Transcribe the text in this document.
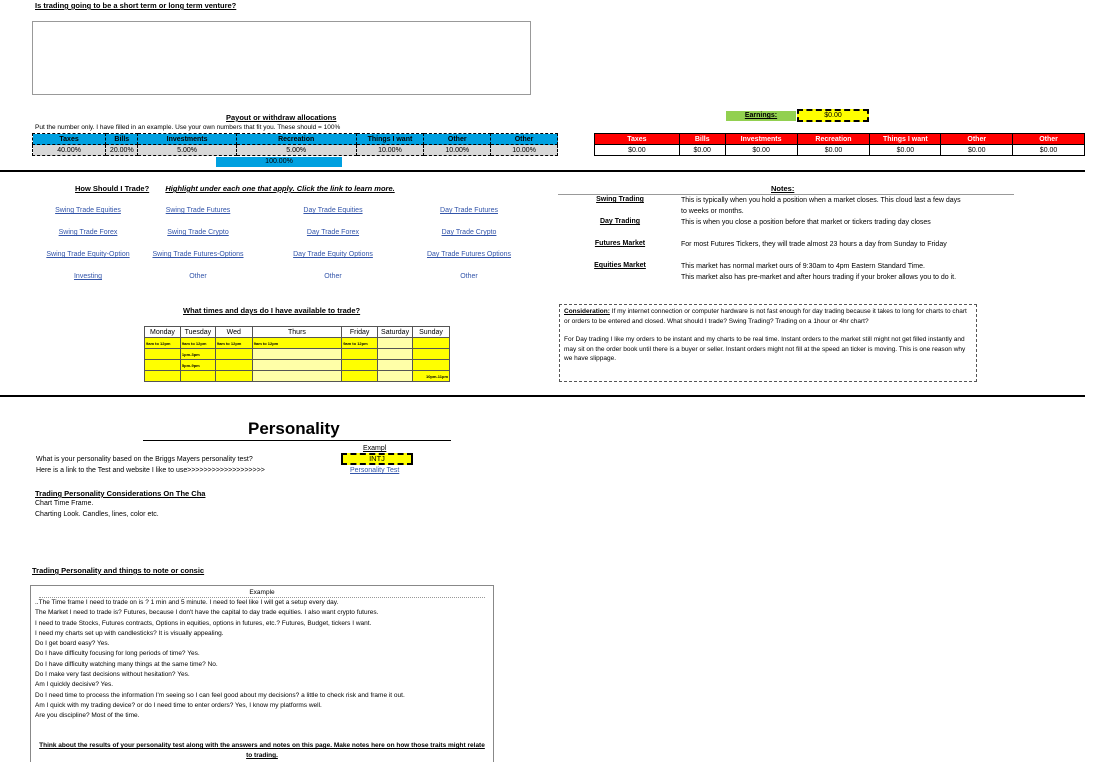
Is trading going to be a short term or long term venture?
Payout or withdraw allocations
Put the number only. I have filled in an example. Use your own numbers that fit you. These should = 100%
Taxes	Bills	Investments	Recreation	Things I want	Other	Other
40.00%	20.00%	5.00%	5.00%	10.00%	10.00%	10.00%
100.00%
Earnings:	$0.00
Taxes	Bills	Investments	Recreation	Things I want	Other	Other
$0.00	$0.00	$0.00	$0.00	$0.00	$0.00	$0.00
How Should I Trade? Highlight under each one that apply. Click the link to learn more.
Swing Trade Equities	Swing Trade Futures	Day Trade Equities	Day Trade Futures
Swing Trade Forex	Swing Trade Crypto	Day Trade Forex	Day Trade Crypto
Swing Trade Equity-Option	Swing Trade Futures-Options	Day Trade Equity Options	Day Trade Futures Options
Investing	Other	Other	Other
Notes:
Swing Trading	This is typically when you hold a position when a market closes. This cloud last a few days
to weeks or months.
Day Trading	This is when you close a position before that market or tickers trading day closes
Futures Market	For most Futures Tickers, they will trade almost 23 hours a day from Sunday to Friday
Equities Market	This market has normal market ours of 9:30am to 4pm Eastern Standard Time.
This market also has pre-market and after hours trading if your broker allows you to do it.
What times and days do I have available to trade?
Monday	Tuesday	Wed	Thurs	Friday	Saturday	Sunday
9am to 12pm	9am to 12pm	9am to 12pm	9am to 12pm	9am to 12pm		
	1pm-3pm					
	5pm-9pm					
						10pm-11pm
Consideration: If my internet connection or computer hardware is not fast enough for day trading because it takes to long for charts to chart or orders to be entered and closed. What should I trade? Swing Trading? Trading on a 1hour or 4hr chart?
For Day trading I like my orders to be instant and my charts to be real time. Instant orders to the market still might not get filled instantly and may sit on the order book until there is a buyer or seller. Instant orders might not fill at the speed an ticker is moving. This is one reason why we have slippage.
Personality
What is your personality based on the Briggs Mayers personality test?
Here is a link to the Test and website I like to use>>>>>>>>>>>>>>>>>>>
Exampl
INTJ
Personality Test
Trading Personality Considerations On The Cha
Chart Time Frame.
Charting Look. Candles, lines, color etc.
Trading Personality and things to note or consic
Example
..The Time frame I need to trade on is ? 1 min and 5 minute. I need to feel like I will get a setup every day.
The Market I need to trade is? Futures, because I don't have the capital to day trade equities. I also want crypto futures.
I need to trade Stocks, Futures contracts, Options in equities, options in futures, etc.? Futures, Budget, tickers I want.
I need my charts set up with candlesticks? It is visually appealing.
Do I get board easy? Yes.
Do I have difficulty focusing for long periods of time? Yes.
Do I have difficulty watching many things at the same time? No.
Do I make very fast decisions without hesitation? Yes.
Am I quickly decisive? Yes.
Do I need time to process the information I'm seeing so I can feel good about my decisions? a little to check risk and frame it out.
Am I quick with my trading device? or do I need time to enter orders? Yes, I know my platforms well.
Are you discipline? Most of the time.
Think about the results of your personality test along with the answers and notes on this page. Make notes here on how those traits might relate to trading.
